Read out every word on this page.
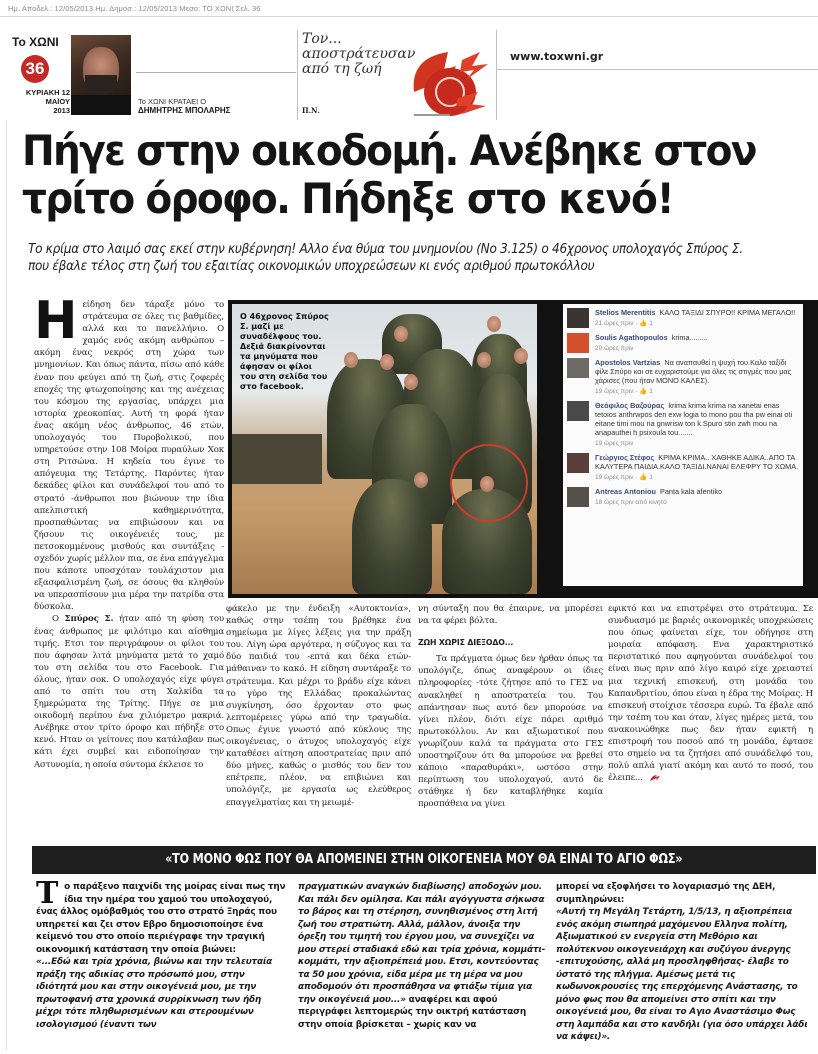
Ημ. Αποδελ.: 12/05/2013 Ημ. Δημοσ.: 12/05/2013 Μεσο: ΤΟ ΧΩΝΙ Σελ. 36
Το ΧΩΝΙ
36
ΚΥΡΙΑΚΗ 12
ΜΑΪΟΥ
2013
Το ΧΩΝΙ ΚΡΑΤΑΕΙ Ο
ΔΗΜΗΤΡΗΣ ΜΠΟΛΑΡΗΣ
Τον...
αποστράτευσαν
από τη ζωή
Π.Ν.
www.toxwni.gr
Πήγε στην οικοδομή. Ανέβηκε στον τρίτο όροφο. Πήδηξε στο κενό!
Το κρίμα στο λαιμό σας εκεί στην κυβέρνηση! Αλλο ένα θύμα του μνημονίου (Νο 3.125) ο 46χρονος υπολοχαγός Σπύρος Σ. που έβαλε τέλος στη ζωή του εξαιτίας οικονομικών υποχρεώσεων κι ενός αριθμού πρωτοκόλλου
Η είδηση δεν τάραξε μόνο το στράτευμα σε όλες τις βαθμίδες, αλλά και το πανελλήνιο. Ο χαμός ενός ακόμη ανθρώπου – ακόμη ένας νεκρός στη χώρα των μνημονίων. Και όπως πάντα, πίσω από κάθε έναν που φεύγει από τη ζωή, στις ζοφερές εποχές της φτωχοποίησης και της ανέχειας του κόσμου της εργασίας, υπάρχει μια ιστορία χρεοκοπίας. Αυτή τη φορά ήταν ένας ακόμη νέος άνθρωπος, 46 ετών, υπολοχαγός του Πυροβολικού, που υπηρετούσε στην 108 Μοίρα πυραύλων Χοκ στη Ριτσώνα. Η κηδεία του έγινε το απόγευμα της Τετάρτης. Παρόντες ήταν δεκάδες φίλοι και συνάδελφοί του από το στρατό -άνθρωποι που βιώνουν την ίδια απελπιστική καθημερινότητα, προσπαθώντας να επιβιώσουν και να ζήσουν τις οικογένειές τους, με πετσοκομμένους μισθούς και συντάξεις - σχεδόν χωρίς μέλλον πια, σε ένα επάγγελμα που κάποτε υποσχόταν τουλάχιστον μια εξασφαλισμένη ζωή, σε όσους θα κληθούν να υπερασπίσουν μια μέρα την πατρίδα στα δύσκολα.

Ο Σπύρος Σ. ήταν από τη φύση του ένας άνθρωπος με φιλότιμο και αίσθημα τιμής. Ετσι τον περιγράφουν οι φίλοι του που άφησαν λιτά μηνύματα μετά το χαμό του στη σελίδα του στο Facebook. Για όλους, ήταν σοκ. Ο υπολοχαγός είχε φύγει από το σπίτι του στη Χαλκίδα τα ξημερώματα της Τρίτης. Πήγε σε μια οικοδομή περίπου ένα χιλιόμετρο μακριά. Ανέβηκε στον τρίτο όροφο και πήδηξε στο κενό. Ηταν οι γείτονες που κατάλαβαν πως κάτι έχει συμβεί και ειδοποίησαν την Αστυνομία, η οποία σύντομα έκλεισε το

Ο 46χρονος Σπύρος Σ. μαζί με συναδέλφους του. Δεξιά διακρίνονται τα μηνύματα που άφησαν οι φίλοι του στη σελίδα του στο facebook.
Stelios Merentitis ΚΑΛΟ ΤΑΞΙΔΙ ΣΠΥΡΟ!! ΚΡΙΜΑ ΜΕΓΑΛΟ!!
21 ώρες πριν · 👍 1
Soulis Agathopoulos krima.........
20 ώρες πριν
Apostolos Vartzias Να αναπαυθεί η ψυχή του.Καλο ταξίδι φίλε Σπύρο και σε ευχαριστούμε για όλες τις στιγμές που μας χάρισες (που ήταν ΜΟΝΟ ΚΑΛΕΣ).
19 ώρες πριν · 👍 1
Θεόφιλος Βαζούρας krima krima krima na xanetai enas tetoios anthrwpos den exw logia to mono pou tha pw einai oti eitane timi mou na gnwrisw ton k.Spuro stin zwh mou na anapauthei h psixoula tou.......
19 ώρες πριν
Γεώργιος Στέφος ΚΡΙΜΑ ΚΡΙΜΑ.. ΧΑΘΗΚΕ ΑΔΙΚΑ..ΑΠΟ ΤΑ ΚΑΛΥΤΕΡΑ ΠΑΙΔΙΑ.ΚΑΛΟ ΤΑΞΙΔΙ.ΝΑΝΑΙ ΕΛΕΦΡΥ ΤΟ ΧΩΜΑ.
19 ώρες πριν · 👍 1
Antreas Antoniou Panta kala afentiko
18 ώρες πριν από κινητό
φάκελο με την ένδειξη «Αυτοκτονία», καθώς στην τσέπη του βρέθηκε ένα σημείωμα με λίγες λέξεις για την πράξη του. Λίγη ώρα αργότερα, η σύζυγος και τα δύο παιδιά του -επτά και δέκα ετών- μάθαιναν το κακό. Η είδηση συντάραξε το στράτευμα. Και μέχρι το βράδυ είχε κάνει το γύρο της Ελλάδας προκαλώντας συγκίνηση, όσο έρχονταν στο φως λεπτομέρειες γύρω από την τραγωδία. Οπως έγινε γνωστό από κύκλους της οικογένειας, ο άτυχος υπολοχαγός είχε καταθέσει αίτηση αποστρατείας πριν από δύο μήνες, καθώς ο μισθός του δεν του επέτρεπε, πλέον, να επιβιώνει και υπολόγιζε, με εργασία ως ελεύθερος επαγγελματίας και τη μειωμέ-

νη σύνταξη που θα έπαιρνε, να μπορέσει να τα φέρει βόλτα.

ΖΩΗ ΧΩΡΙΣ ΔΙΕΞΟΔΟ...

Τα πράγματα όμως δεν ήρθαν όπως τα υπολόγιζε, όπως αναφέρουν οι ίδιες πληροφορίες -τότε ζήτησε από το ΓΕΣ να ανακληθεί η αποστρατεία του. Του απάντησαν πως αυτό δεν μπορούσε να γίνει πλέον, διότι είχε πάρει αριθμό πρωτοκόλλου. Αν και αξιωματικοί που γνωρίζουν καλά τα πράγματα στο ΓΕΣ υποστηρίζουν ότι θα μπορούσε να βρεθεί κάποιο «παραθυράκι», ωστόσο στην περίπτωση του υπολοχαγού, αυτό δε στάθηκε ή δεν καταβλήθηκε καμία προσπάθεια να γίνει

εφικτό και να επιστρέψει στο στράτευμα. Σε συνδυασμό με βαριές οικονομικές υποχρεώσεις που όπως φαίνεται είχε, τον οδήγησε στη μοιραία απόφαση. Ενα χαρακτηριστικό περιστατικό που αφηγούνται συνάδελφοί του είναι πως πριν από λίγο καιρό είχε χρειαστεί μια τεχνική επισκευή, στη μονάδα του Καπανδριτίου, όπου είναι η έδρα της Μοίρας. Η επισκευή στοίχισε τέσσερα ευρώ. Τα έβαλε από την τσέπη του και όταν, λίγες ημέρες μετά, του ανακοινώθηκε πως δεν ήταν εφικτή η επιστροφή του ποσού από τη μονάδα, έφτασε στο σημείο να τα ζητήσει από συνάδελφό του, πολύ απλά γιατί ακόμη και αυτό το ποσό, του έλειπε...
«ΤΟ ΜΟΝΟ ΦΩΣ ΠΟΥ ΘΑ ΑΠΟΜΕΙΝΕΙ ΣΤΗΝ ΟΙΚΟΓΕΝΕΙΑ ΜΟΥ ΘΑ ΕΙΝΑΙ ΤΟ ΑΓΙΟ ΦΩΣ»
Τ ο παράξενο παιχνίδι της μοίρας είναι πως την ίδια την ημέρα του χαμού του υπολοχαγού, ένας άλλος ομόβαθμός του στο στρατό Ξηράς που υπηρετεί και ζει στον Εβρο δημοσιοποίησε ένα κείμενό του στο οποίο περιέγραφε την τραγική οικονομική κατάσταση την οποία βιώνει:
«...Εδώ και τρία χρόνια, βιώνω και την τελευταία πράξη της αδικίας στο πρόσωπό μου, στην ιδιότητά μου και στην οικογένειά μου, με την πρωτοφανή στα χρονικά συρρίκνωση των ήδη μέχρι τότε πληθωρισμένων και στερουμένων ισολογισμού (έναντι των
πραγματικών αναγκών διαβίωσης) αποδοχών μου. Και πάλι δεν ομίλησα. Και πάλι αγόγγυστα σήκωσα το βάρος και τη στέρηση, συνηθισμένος στη λιτή ζωή του στρατιώτη. Αλλά, μάλλον, άνοιξα την όρεξη του τιμητή του έργου μου, να συνεχίζει να μου στερεί σταδιακά εδώ και τρία χρόνια, κομμάτι-κομμάτι, την αξιοπρέπειά μου. Ετσι, κοντεύοντας τα 50 μου χρόνια, είδα μέρα με τη μέρα να μου αποδομούν ότι προσπάθησα να φτιάξω τίμια για την οικογένειά μου...» αναφέρει και αφού περιγράφει λεπτομερώς την οικτρή κατάσταση στην οποία βρίσκεται – χωρίς καν να
μπορεί να εξοφλήσει το λογαριασμό της ΔΕΗ, συμπληρώνει:
«Αυτή τη Μεγάλη Τετάρτη, 1/5/13, η αξιοπρέπεια ενός ακόμη σιωπηρά μαχόμενου Ελληνα πολίτη, Αξιωματικού εν ενεργεία στη Μεθόριο και πολύτεκνου οικογενειάρχη και συζύγου άνεργης -επιτυχούσης, αλλά μη προσληφθήσας- έλαβε το ύστατό της πλήγμα. Αμέσως μετά τις κωδωνοκρουσίες της επερχόμενης Ανάστασης, το μόνο φως που θα απομείνει στο σπίτι και την οικογένειά μου, θα είναι το Αγιο Αναστάσιμο Φως στη λαμπάδα και στο κανδήλι (για όσο υπάρχει λάδι να κάψει)».
